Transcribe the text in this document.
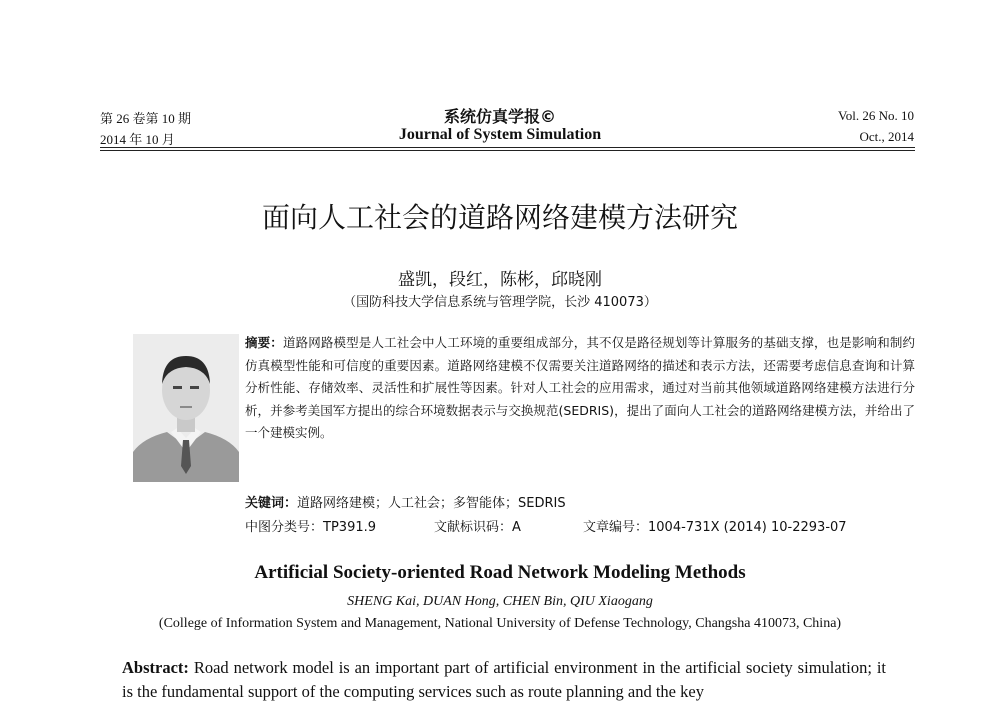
第 26 卷第 10 期
2014 年 10 月
系统仿真学报©
Journal of System Simulation
Vol. 26 No. 10
Oct., 2014
面向人工社会的道路网络建模方法研究
盛凯，段红，陈彬，邱晓刚
（国防科技大学信息系统与管理学院，长沙 410073）
摘要：道路网路模型是人工社会中人工环境的重要组成部分，其不仅是路径规划等计算服务的基础支撑，也是影响和制约仿真模型性能和可信度的重要因素。道路网络建模不仅需要关注道路网络的描述和表示方法，还需要考虑信息查询和计算分析性能、存储效率、灵活性和扩展性等因素。针对人工社会的应用需求，通过对当前其他领域道路网络建模方法进行分析，并参考美国军方提出的综合环境数据表示与交换规范(SEDRIS)，提出了面向人工社会的道路网络建模方法，并给出了一个建模实例。
关键词：道路网络建模；人工社会；多智能体；SEDRIS
中图分类号：TP391.9	文献标识码：A	文章编号：1004-731X (2014) 10-2293-07
Artificial Society-oriented Road Network Modeling Methods
SHENG Kai, DUAN Hong, CHEN Bin, QIU Xiaogang
(College of Information System and Management, National University of Defense Technology, Changsha 410073, China)
Abstract: Road network model is an important part of artificial environment in the artificial society simulation; it is the fundamental support of the computing services such as route planning and the key
